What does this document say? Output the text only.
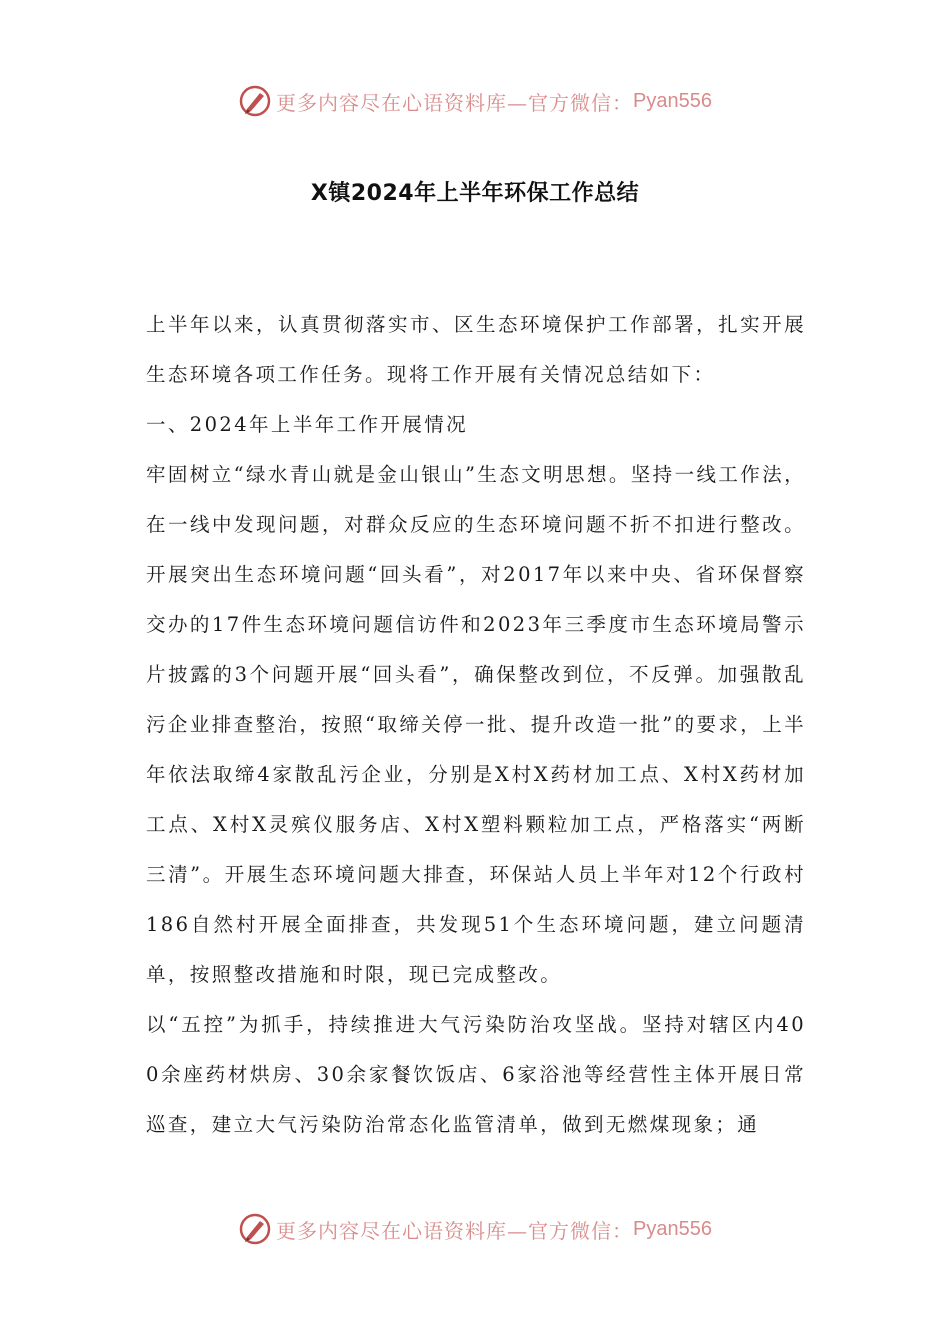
更多内容尽在心语资料库—官方微信： Pyan556
X镇2024年上半年环保工作总结

上半年以来，认真贯彻落实市、区生态环境保护工作部署，扎实开展生态环境各项工作任务。现将工作开展有关情况总结如下：

一、2024年上半年工作开展情况

牢固树立“绿水青山就是金山银山”生态文明思想。坚持一线工作法，在一线中发现问题，对群众反应的生态环境问题不折不扣进行整改。开展突出生态环境问题“回头看”，对2017年以来中央、省环保督察交办的17件生态环境问题信访件和2023年三季度市生态环境局警示片披露的3个问题开展“回头看”，确保整改到位，不反弹。加强散乱污企业排查整治，按照“取缔关停一批、提升改造一批”的要求，上半年依法取缔4家散乱污企业，分别是X村X药材加工点、X村X药材加工点、X村X灵殡仪服务店、X村X塑料颗粒加工点，严格落实“两断三清”。开展生态环境问题大排查，环保站人员上半年对12个行政村186自然村开展全面排查，共发现51个生态环境问题，建立问题清单，按照整改措施和时限，现已完成整改。

以“五控”为抓手，持续推进大气污染防治攻坚战。坚持对辖区内400余座药材烘房、30余家餐饮饭店、6家浴池等经营性主体开展日常巡查，建立大气污染防治常态化监管清单，做到无燃煤现象；通

更多内容尽在心语资料库—官方微信： Pyan556
